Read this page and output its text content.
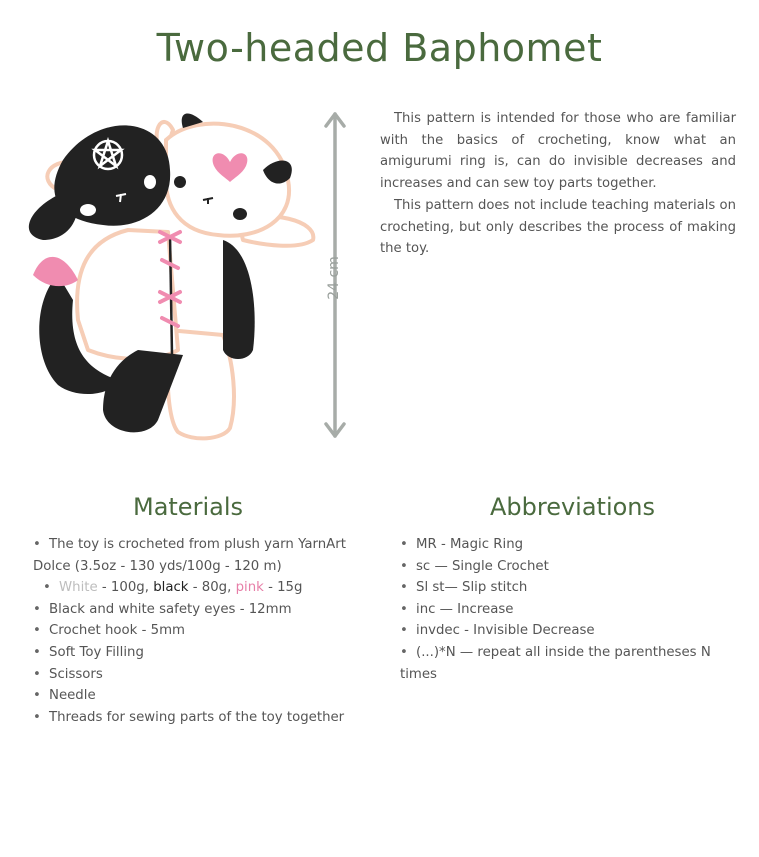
Two-headed Baphomet
24 cm

This pattern is intended for those who are familiar with the basics of crocheting, know what an amigurumi ring is, can do invisible decreases and increases and can sew toy parts together.

This pattern does not include teaching materials on crocheting, but only describes the process of making the toy.

Materials
• The toy is crocheted from plush yarn YarnArt Dolce (3.5oz - 130 yds/100g - 120 m)
• White - 100g, black - 80g, pink - 15g
• Black and white safety eyes - 12mm
• Crochet hook - 5mm
• Soft Toy Filling
• Scissors
• Needle
• Threads for sewing parts of the toy together
Abbreviations
• MR - Magic Ring
• sc — Single Crochet
• Sl st— Slip stitch
• inc — Increase
• invdec - Invisible Decrease
• (...)*N — repeat all inside the parentheses N times
